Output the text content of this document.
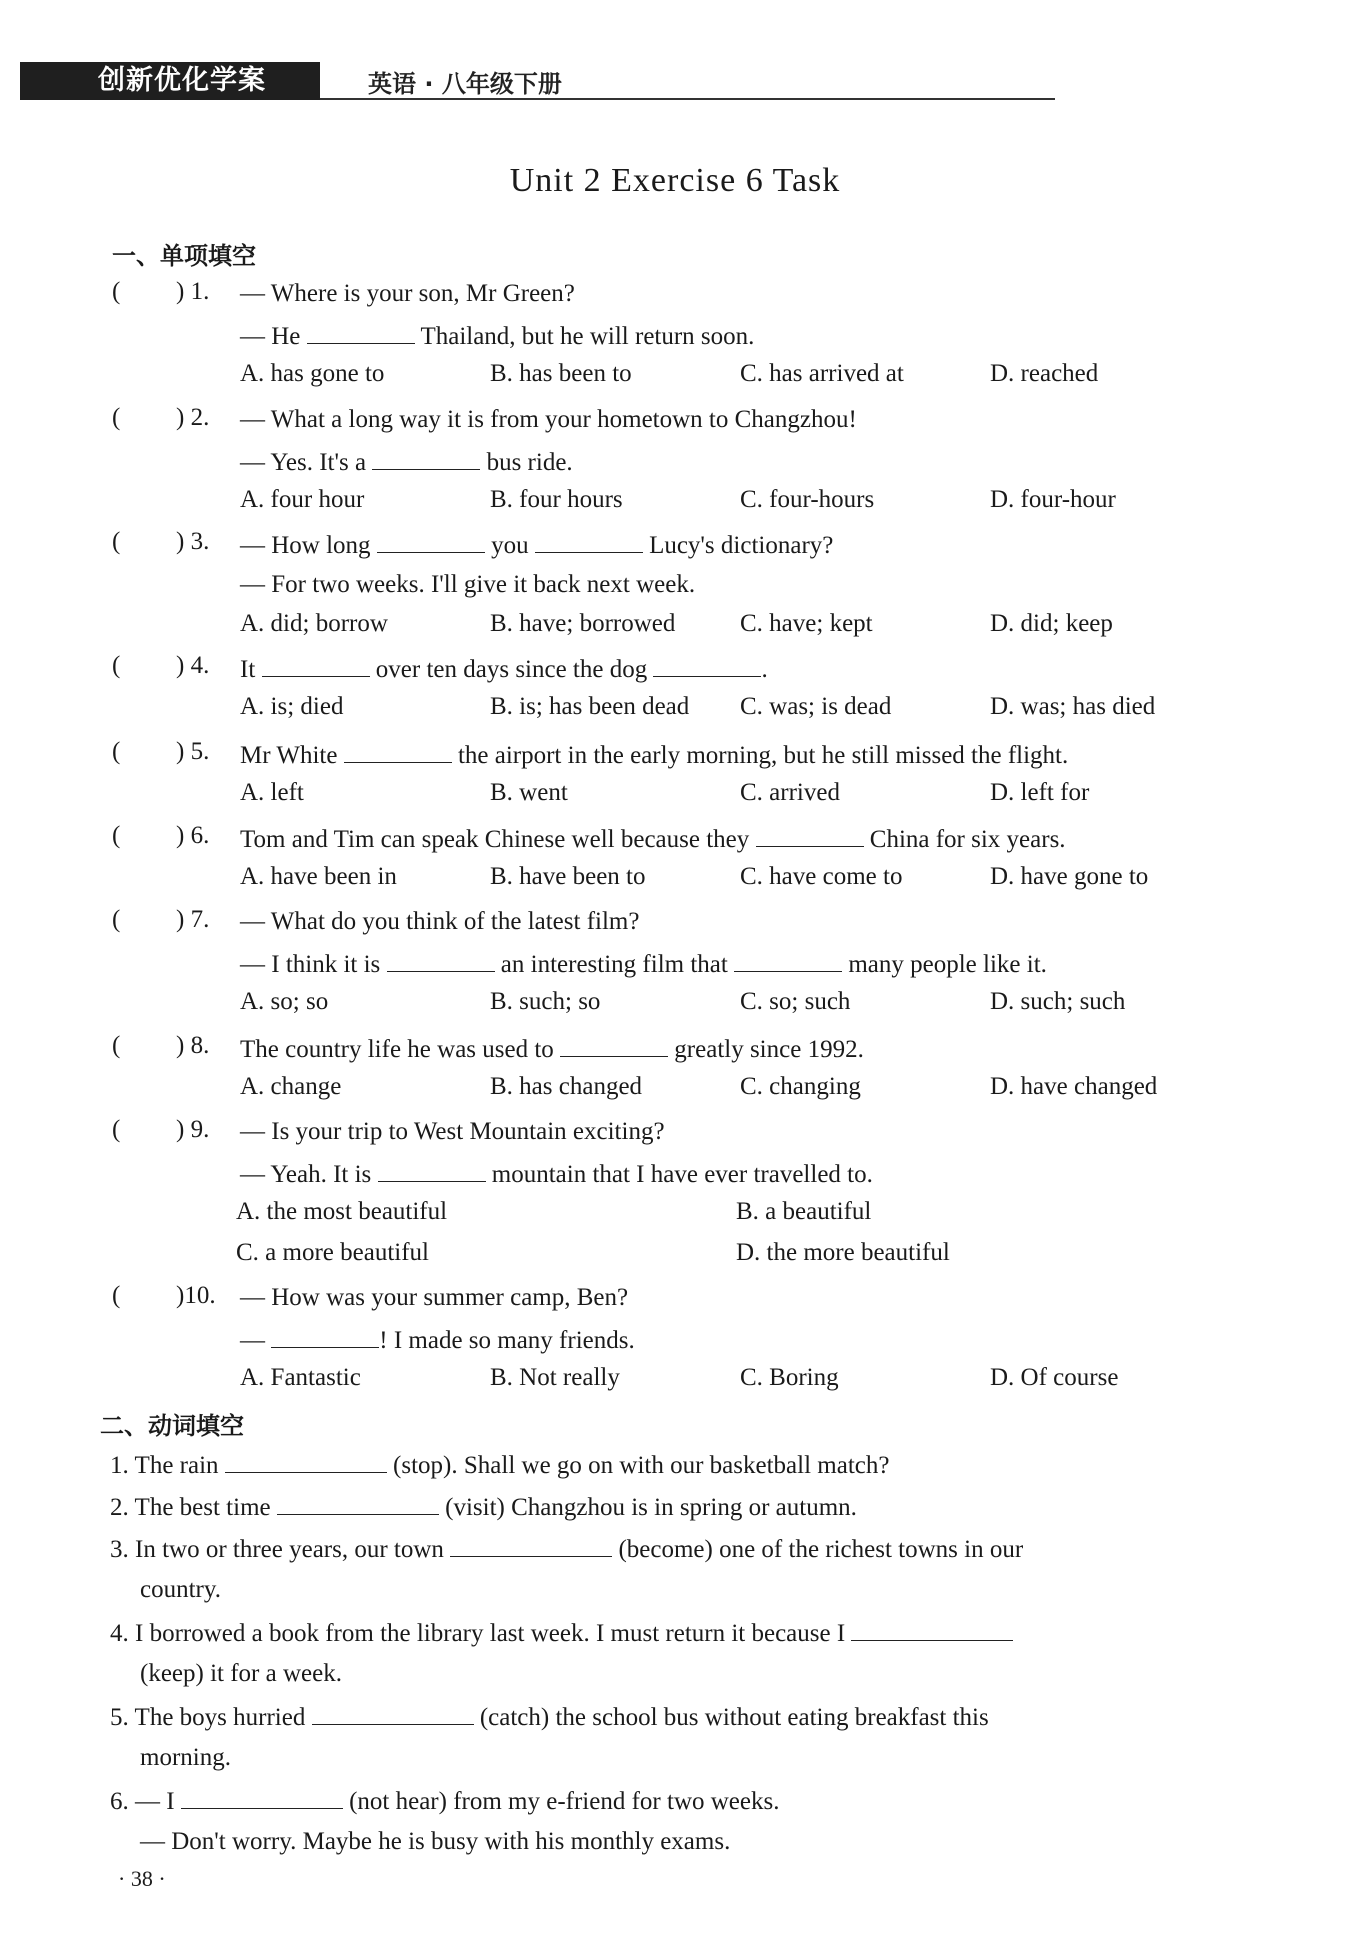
创新优化学案	英语 · 八年级下册
Unit 2 Exercise 6 Task
一、单项填空
( ) 1. — Where is your son, Mr Green?
— He	Thailand, but he will return soon.
A. has gone to	B. has been to	C. has arrived at	D. reached
( ) 2. — What a long way it is from your hometown to Changzhou!
— Yes. It's a	bus ride.
A. four hour	B. four hours	C. four-hours	D. four-hour
( ) 3. — How long	you	Lucy's dictionary?
— For two weeks. I'll give it back next week.
A. did; borrow	B. have; borrowed	C. have; kept	D. did; keep
( ) 4. It	over ten days since the dog	.
A. is; died	B. is; has been dead C. was; is dead	D. was; has died
( ) 5. Mr White	the airport in the early morning, but he still missed the flight.
A. left	B. went	C. arrived	D. left for
( ) 6. Tom and Tim can speak Chinese well because they	China for six years.
A. have been in	B. have been to	C. have come to	D. have gone to
( ) 7. — What do you think of the latest film?
— I think it is	an interesting film that	many people like it.
A. so; so	B. such; so	C. so; such	D. such; such
( ) 8. The country life he was used to	greatly since 1992.
A. change	B. has changed	C. changing	D. have changed
( ) 9. — Is your trip to West Mountain exciting?
— Yeah. It is	mountain that I have ever travelled to.
A. the most beautiful	B. a beautiful
C. a more beautiful	D. the more beautiful
( )10. — How was your summer camp, Ben?
—	! I made so many friends.
A. Fantastic	B. Not really	C. Boring	D. Of course
二、动词填空
1. The rain	(stop). Shall we go on with our basketball match?
2. The best time	(visit) Changzhou is in spring or autumn.
3. In two or three years, our town	(become) one of the richest towns in our
country.
4. I borrowed a book from the library last week. I must return it because I
(keep) it for a week.
5. The boys hurried	(catch) the school bus without eating breakfast this
morning.
6. — I	(not hear) from my e-friend for two weeks.
— Don't worry. Maybe he is busy with his monthly exams.
· 38 ·
